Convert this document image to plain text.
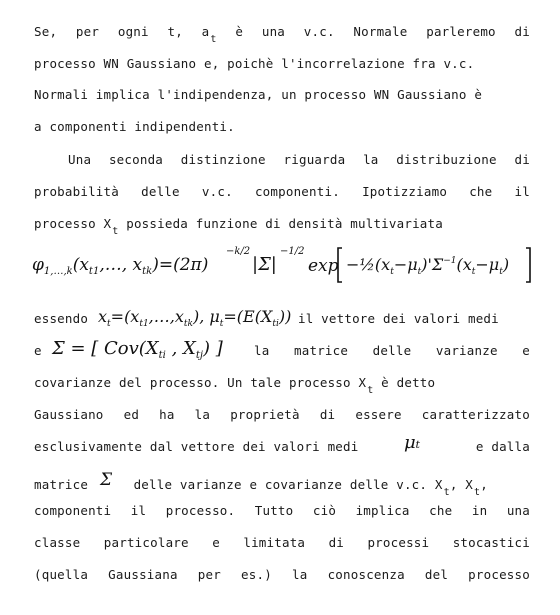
Se, per ogni t, at
è una v.c. Normale parleremo di
processo WN Gaussiano e, poichè l'incorrelazione fra v.c.
Normali implica l'indipendenza, un processo WN Gaussiano è
a componenti indipendenti.
Una seconda distinzione riguarda la distribuzione di
probabilità delle v.c. componenti. Ipotizziamo che il
processo $X_t$ possieda funzione di densità multivariata
$\varphi_{1,\dots,k}(x_{t1},\dots$, $x_{tk})=(2\pi)$
−k/2
|Σ|
−1/2
$\exp -\frac{1}{2}(x_t-\mu_t)'\Sigma^{-1}(x_t-\mu_t)$
essendo $x_t=(x_{t1},\dots,x_{tk})$, $\mu_t=(E(X_{ti}))$ il vettore dei valori medi
e Σ = [ $Cov(X_{ti}$ , $X_{tj}$) ]	la matrice delle varianze e
covarianze del processo. Un tale processo $X_t$ è detto
Gaussiano ed ha la proprietà di essere caratterizzato
esclusivamente dal vettore dei valori medi	μₜ	e dalla
matrice Σ delle varianze e covarianze delle v.c. $X_t$, $X_t$,
componenti il processo. Tutto ciò implica che in una
classe particolare e limitata di processi stocastici
(quella Gaussiana per es.) la conoscenza del processo
